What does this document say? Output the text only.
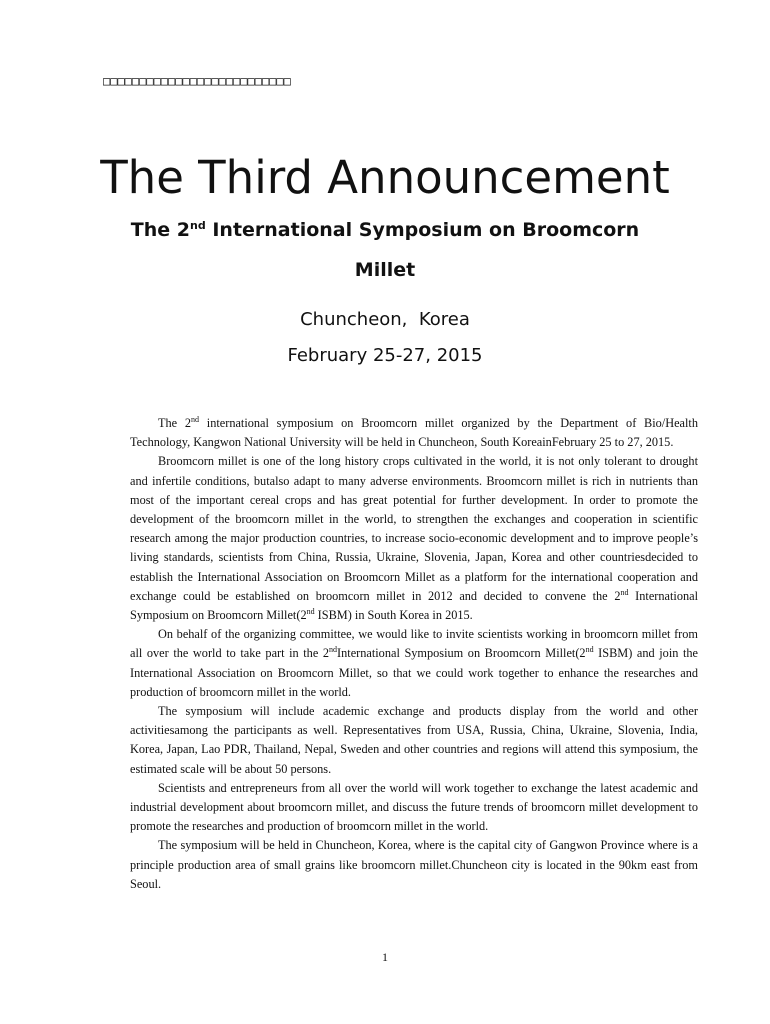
□□□□□□□□□□□□□□□□□□□□□□□□□□
The Third Announcement
The 2nd International Symposium on Broomcorn Millet
Chuncheon,  Korea
February 25-27, 2015

The 2nd international symposium on Broomcorn millet organized by the Department of Bio/Health Technology, Kangwon National University will be held in Chuncheon, South KoreainFebruary 25 to 27, 2015.

Broomcorn millet is one of the long history crops cultivated in the world, it is not only tolerant to drought and infertile conditions, butalso adapt to many adverse environments. Broomcorn millet is rich in nutrients than most of the important cereal crops and has great potential for further development. In order to promote the development of the broomcorn millet in the world, to strengthen the exchanges and cooperation in scientific research among the major production countries, to increase socio-economic development and to improve people’s living standards, scientists from China, Russia, Ukraine, Slovenia, Japan, Korea and other countriesdecided to establish the International Association on Broomcorn Millet as a platform for the international cooperation and exchange could be established on broomcorn millet in 2012 and decided to convene the 2nd International Symposium on Broomcorn Millet(2nd ISBM) in South Korea in 2015.

On behalf of the organizing committee, we would like to invite scientists working in broomcorn millet from all over the world to take part in the 2ndInternational Symposium on Broomcorn Millet(2nd ISBM) and join the International Association on Broomcorn Millet, so that we could work together to enhance the researches and production of broomcorn millet in the world.

The symposium will include academic exchange and products display from the world and other activitiesamong the participants as well. Representatives from USA, Russia, China, Ukraine, Slovenia, India, Korea, Japan, Lao PDR, Thailand, Nepal, Sweden and other countries and regions will attend this symposium, the estimated scale will be about 50 persons.

Scientists and entrepreneurs from all over the world will work together to exchange the latest academic and industrial development about broomcorn millet, and discuss the future trends of broomcorn millet development to promote the researches and production of broomcorn millet in the world.

The symposium will be held in Chuncheon, Korea, where is the capital city of Gangwon Province where is a principle production area of small grains like broomcorn millet.Chuncheon city is located in the 90km east from Seoul.

1
